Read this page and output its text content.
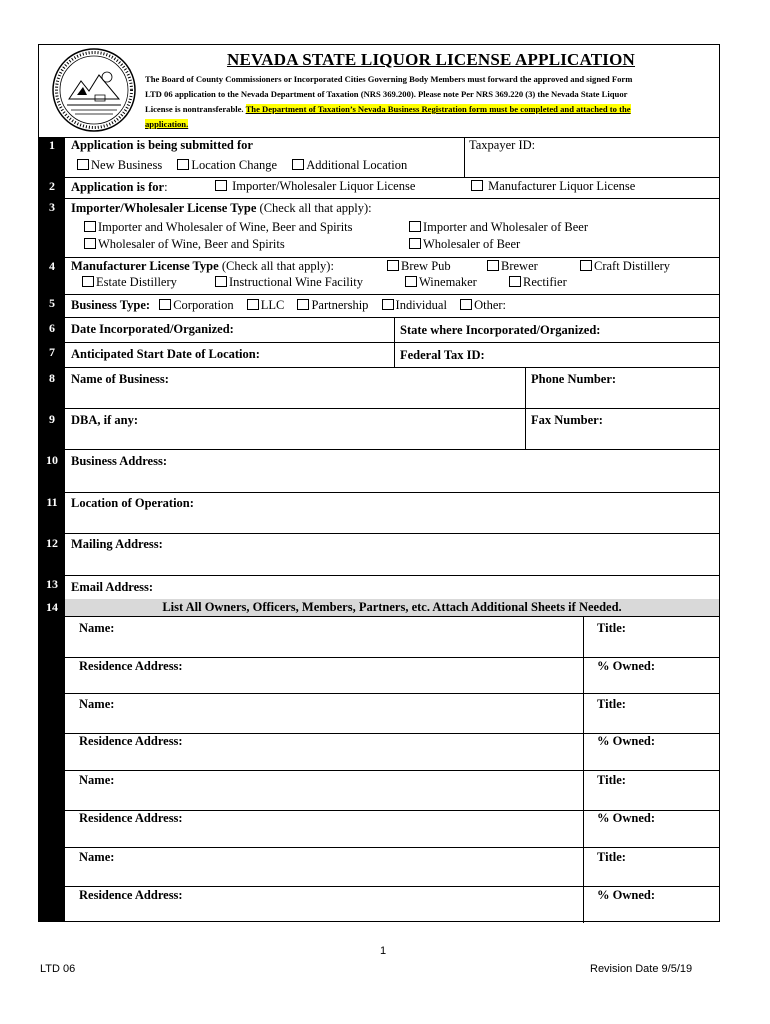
NEVADA STATE LIQUOR LICENSE APPLICATION
The Board of County Commissioners or Incorporated Cities Governing Body Members must forward the approved and signed Form
LTD 06 application to the Nevada Department of Taxation (NRS 369.200). Please note Per NRS 369.220 (3) the Nevada State Liquor
License is nontransferable. The Department of Taxation’s Nevada Business Registration form must be completed and attached to the
application.
1	Application is being submitted for	Taxpayer ID:
New Business Location Change Additional Location
2	Application is for:	Importer/Wholesaler Liquor License	Manufacturer Liquor License
3	Importer/Wholesaler License Type (Check all that apply):
Importer and Wholesaler of Wine, Beer and Spirits	Importer and Wholesaler of Beer
Wholesaler of Wine, Beer and Spirits	Wholesaler of Beer
4	Manufacturer License Type (Check all that apply):	Brew Pub	Brewer	Craft Distillery
Estate Distillery	Instructional Wine Facility	Winemaker	Rectifier
5	Business Type: Corporation LLC Partnership Individual Other:
6	Date Incorporated/Organized:	State where Incorporated/Organized:
7	Anticipated Start Date of Location:	Federal Tax ID:
8	Name of Business:	Phone Number:
9	DBA, if any:	Fax Number:
10	Business Address:
11	Location of Operation:
12	Mailing Address:
13	Email Address:
14	List All Owners, Officers, Members, Partners, etc. Attach Additional Sheets if Needed.
Name:	Title:
Residence Address:	% Owned:
Name:	Title:
Residence Address:	% Owned:
Name:	Title:
Residence Address:	% Owned:
Name:	Title:
Residence Address:	% Owned:
1
LTD 06	Revision Date 9/5/19
